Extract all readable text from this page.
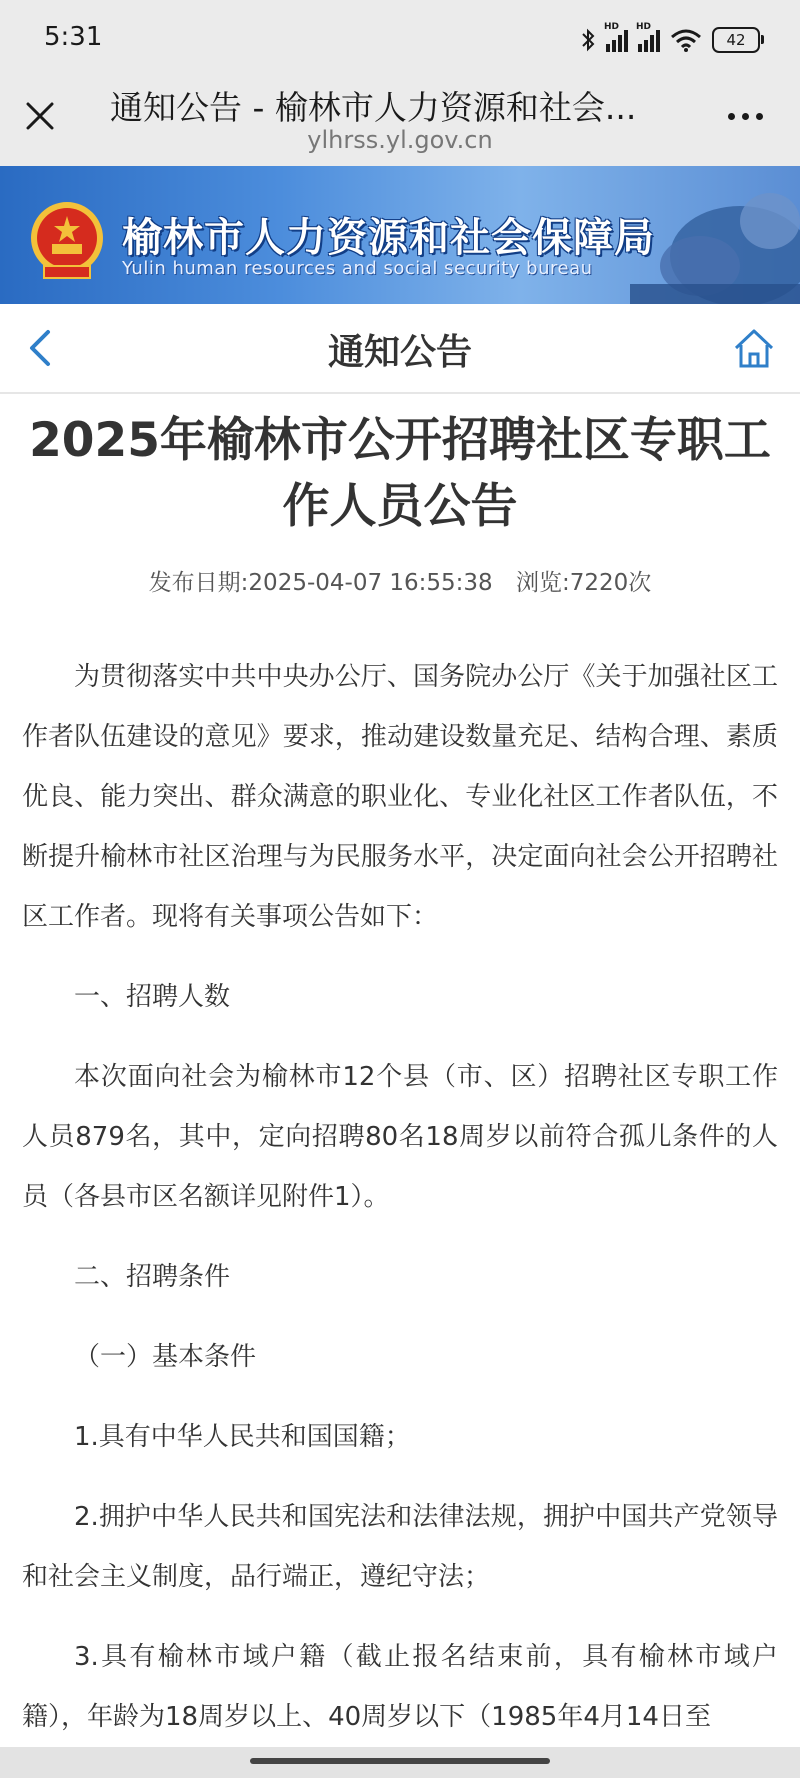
5:31	HD HD
42
通知公告 - 榆林市人力资源和社会...
ylhrss.yl.gov.cn
榆林市人力资源和社会保障局
Yulin human resources and social security bureau
通知公告
2025年榆林市公开招聘社区专职工作人员公告
发布日期:2025-04-07 16:55:38 浏览:7220次

为贯彻落实中共中央办公厅、国务院办公厅《关于加强社区工作者队伍建设的意见》要求，推动建设数量充足、结构合理、素质优良、能力突出、群众满意的职业化、专业化社区工作者队伍，不断提升榆林市社区治理与为民服务水平，决定面向社会公开招聘社区工作者。现将有关事项公告如下：

一、招聘人数

本次面向社会为榆林市12个县（市、区）招聘社区专职工作人员879名，其中，定向招聘80名18周岁以前符合孤儿条件的人员（各县市区名额详见附件1）。

二、招聘条件

（一）基本条件

1.具有中华人民共和国国籍；

2.拥护中华人民共和国宪法和法律法规，拥护中国共产党领导和社会主义制度，品行端正，遵纪守法；

3.具有榆林市域户籍（截止报名结束前，具有榆林市域户籍），年龄为18周岁以上、40周岁以下（1985年4月14日至
